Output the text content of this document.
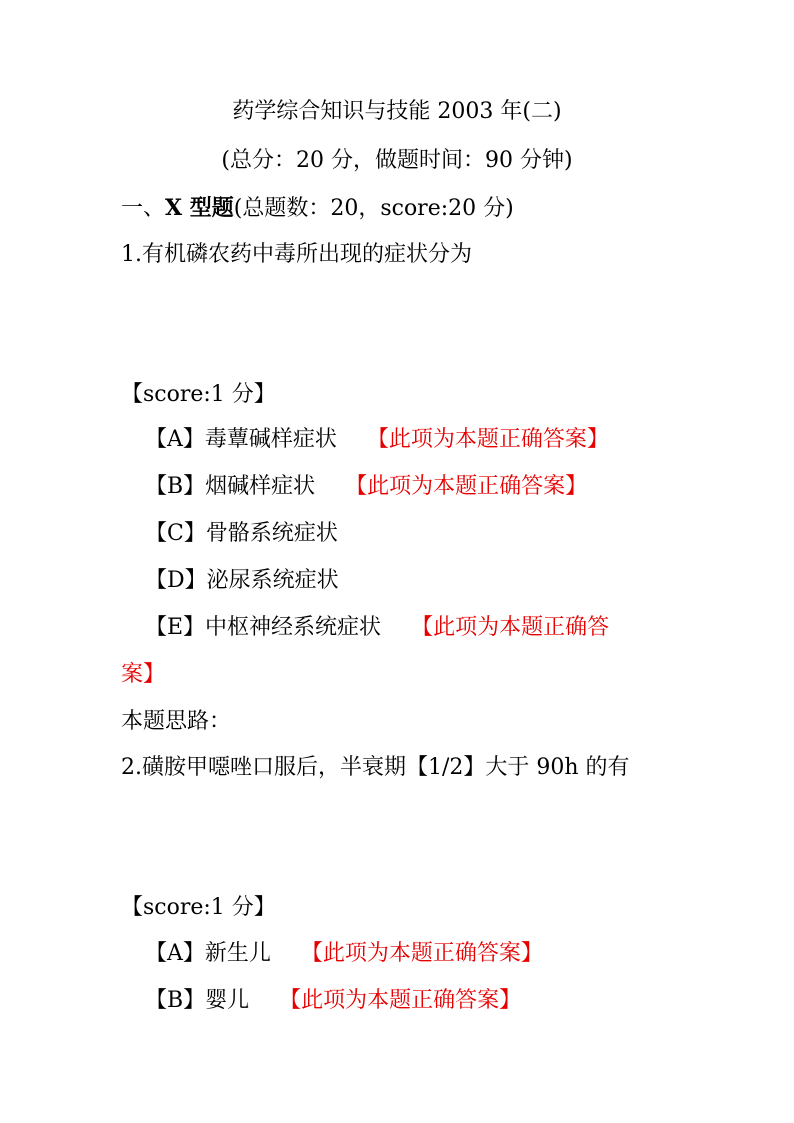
药学综合知识与技能 2003 年(二)
(总分：20 分，做题时间：90 分钟)
一、X 型题(总题数：20，score:20 分)
1.有机磷农药中毒所出现的症状分为
【score:1 分】
【A】毒蕈碱样症状 【此项为本题正确答案】
【B】烟碱样症状 【此项为本题正确答案】
【C】骨骼系统症状
【D】泌尿系统症状
【E】中枢神经系统症状 【此项为本题正确答
案】
本题思路：
2.磺胺甲噁唑口服后，半衰期【1/2】大于 90h 的有
【score:1 分】
【A】新生儿 【此项为本题正确答案】
【B】婴儿 【此项为本题正确答案】
